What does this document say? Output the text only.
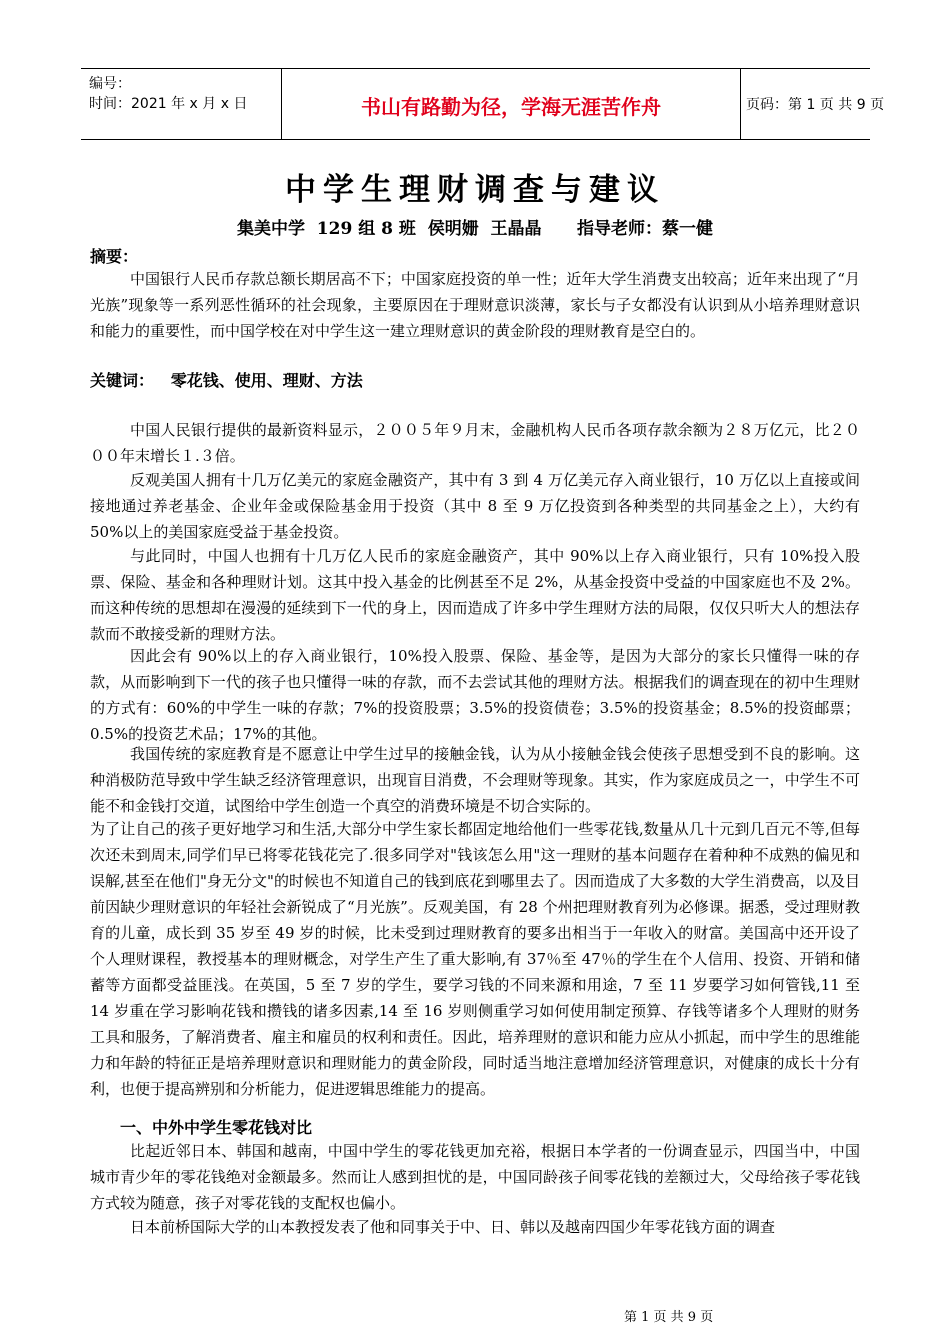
编号：
时间：2021 年 x 月 x 日	书山有路勤为径，学海无涯苦作舟	页码：第 1 页 共 9 页
中学生理财调查与建议
集美中学  129 组 8 班  侯明姗  王晶晶      指导老师：蔡一健
摘要：

中国银行人民币存款总额长期居高不下；中国家庭投资的单一性；近年大学生消费支出较高；近年来出现了“月光族”现象等一系列恶性循环的社会现象，主要原因在于理财意识淡薄，家长与子女都没有认识到从小培养理财意识和能力的重要性，而中国学校在对中学生这一建立理财意识的黄金阶段的理财教育是空白的。

关键词：   零花钱、使用、理财、方法

中国人民银行提供的最新资料显示，２００５年９月末，金融机构人民币各项存款余额为２８万亿元，比２０００年末增长１.３倍。

反观美国人拥有十几万亿美元的家庭金融资产，其中有 3 到 4 万亿美元存入商业银行，10 万亿以上直接或间接地通过养老基金、企业年金或保险基金用于投资（其中 8 至 9 万亿投资到各种类型的共同基金之上），大约有 50%以上的美国家庭受益于基金投资。

与此同时，中国人也拥有十几万亿人民币的家庭金融资产，其中 90%以上存入商业银行，只有 10%投入股票、保险、基金和各种理财计划。这其中投入基金的比例甚至不足 2%，从基金投资中受益的中国家庭也不及 2%。而这种传统的思想却在漫漫的延续到下一代的身上，因而造成了许多中学生理财方法的局限，仅仅只听大人的想法存款而不敢接受新的理财方法。

因此会有 90%以上的存入商业银行，10%投入股票、保险、基金等，是因为大部分的家长只懂得一味的存款，从而影响到下一代的孩子也只懂得一味的存款，而不去尝试其他的理财方法。根据我们的调查现在的初中生理财的方式有：60%的中学生一味的存款；7%的投资股票；3.5%的投资债卷；3.5%的投资基金；8.5%的投资邮票；0.5%的投资艺术品；17%的其他。

我国传统的家庭教育是不愿意让中学生过早的接触金钱，认为从小接触金钱会使孩子思想受到不良的影响。这种消极防范导致中学生缺乏经济管理意识，出现盲目消费，不会理财等现象。其实，作为家庭成员之一，中学生不可能不和金钱打交道，试图给中学生创造一个真空的消费环境是不切合实际的。

为了让自己的孩子更好地学习和生活,大部分中学生家长都固定地给他们一些零花钱,数量从几十元到几百元不等,但每次还未到周末,同学们早已将零花钱花完了.很多同学对"钱该怎么用"这一理财的基本问题存在着种种不成熟的偏见和误解,甚至在他们"身无分文"的时候也不知道自己的钱到底花到哪里去了。因而造成了大多数的大学生消费高，以及目前因缺少理财意识的年轻社会新锐成了“月光族”。反观美国，有 28 个州把理财教育列为必修课。据悉，受过理财教育的儿童，成长到 35 岁至 49 岁的时候，比未受到过理财教育的要多出相当于一年收入的财富。美国高中还开设了个人理财课程，教授基本的理财概念，对学生产生了重大影响,有 37％至 47％的学生在个人信用、投资、开销和储蓄等方面都受益匪浅。在英国，5 至 7 岁的学生，要学习钱的不同来源和用途，7 至 11 岁要学习如何管钱,11 至 14 岁重在学习影响花钱和攒钱的诸多因素,14 至 16 岁则侧重学习如何使用制定预算、存钱等诸多个人理财的财务工具和服务，了解消费者、雇主和雇员的权利和责任。因此，培养理财的意识和能力应从小抓起，而中学生的思维能力和年龄的特征正是培养理财意识和理财能力的黄金阶段，同时适当地注意增加经济管理意识，对健康的成长十分有利，也便于提高辨别和分析能力，促进逻辑思维能力的提高。

一、中外中学生零花钱对比

比起近邻日本、韩国和越南，中国中学生的零花钱更加充裕，根据日本学者的一份调查显示，四国当中，中国城市青少年的零花钱绝对金额最多。然而让人感到担忧的是，中国同龄孩子间零花钱的差额过大，父母给孩子零花钱方式较为随意，孩子对零花钱的支配权也偏小。

日本前桥国际大学的山本教授发表了他和同事关于中、日、韩以及越南四国少年零花钱方面的调查

第 1 页 共 9 页
